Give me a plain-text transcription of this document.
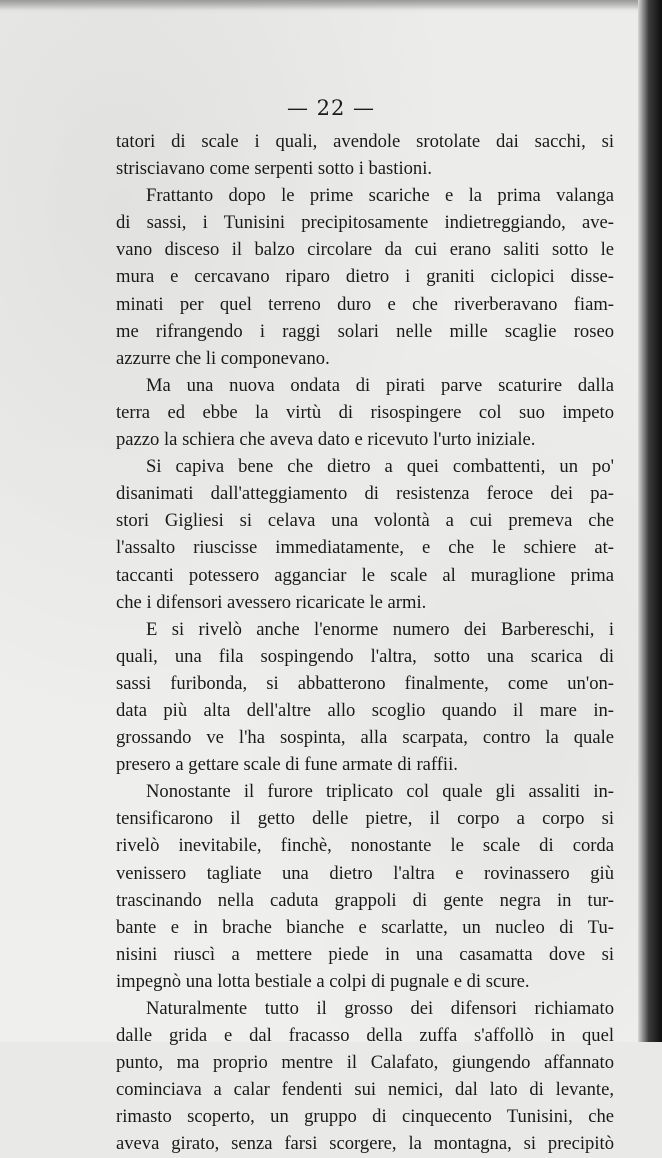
— 22 —
tatori di scale i quali, avendole srotolate dai sacchi, si
strisciavano come serpenti sotto i bastioni.
Frattanto dopo le prime scariche e la prima valanga
di sassi, i Tunisini precipitosamente indietreggiando, ave-
vano disceso il balzo circolare da cui erano saliti sotto le
mura e cercavano riparo dietro i graniti ciclopici disse-
minati per quel terreno duro e che riverberavano fiam-
me rifrangendo i raggi solari nelle mille scaglie roseo
azzurre che li componevano.
Ma una nuova ondata di pirati parve scaturire dalla
terra ed ebbe la virtù di risospingere col suo impeto
pazzo la schiera che aveva dato e ricevuto l'urto iniziale.
Si capiva bene che dietro a quei combattenti, un po'
disanimati dall'atteggiamento di resistenza feroce dei pa-
stori Gigliesi si celava una volontà a cui premeva che
l'assalto riuscisse immediatamente, e che le schiere at-
taccanti potessero agganciar le scale al muraglione prima
che i difensori avessero ricaricate le armi.
E si rivelò anche l'enorme numero dei Barbereschi, i
quali, una fila sospingendo l'altra, sotto una scarica di
sassi furibonda, si abbatterono finalmente, come un'on-
data più alta dell'altre allo scoglio quando il mare in-
grossando ve l'ha sospinta, alla scarpata, contro la quale
presero a gettare scale di fune armate di raffii.
Nonostante il furore triplicato col quale gli assaliti in-
tensificarono il getto delle pietre, il corpo a corpo si
rivelò inevitabile, finchè, nonostante le scale di corda
venissero tagliate una dietro l'altra e rovinassero giù
trascinando nella caduta grappoli di gente negra in tur-
bante e in brache bianche e scarlatte, un nucleo di Tu-
nisini riuscì a mettere piede in una casamatta dove si
impegnò una lotta bestiale a colpi di pugnale e di scure.
Naturalmente tutto il grosso dei difensori richiamato
dalle grida e dal fracasso della zuffa s'affollò in quel
punto, ma proprio mentre il Calafato, giungendo affannato
cominciava a calar fendenti sui nemici, dal lato di levante,
rimasto scoperto, un gruppo di cinquecento Tunisini, che
aveva girato, senza farsi scorgere, la montagna, si precipitò
